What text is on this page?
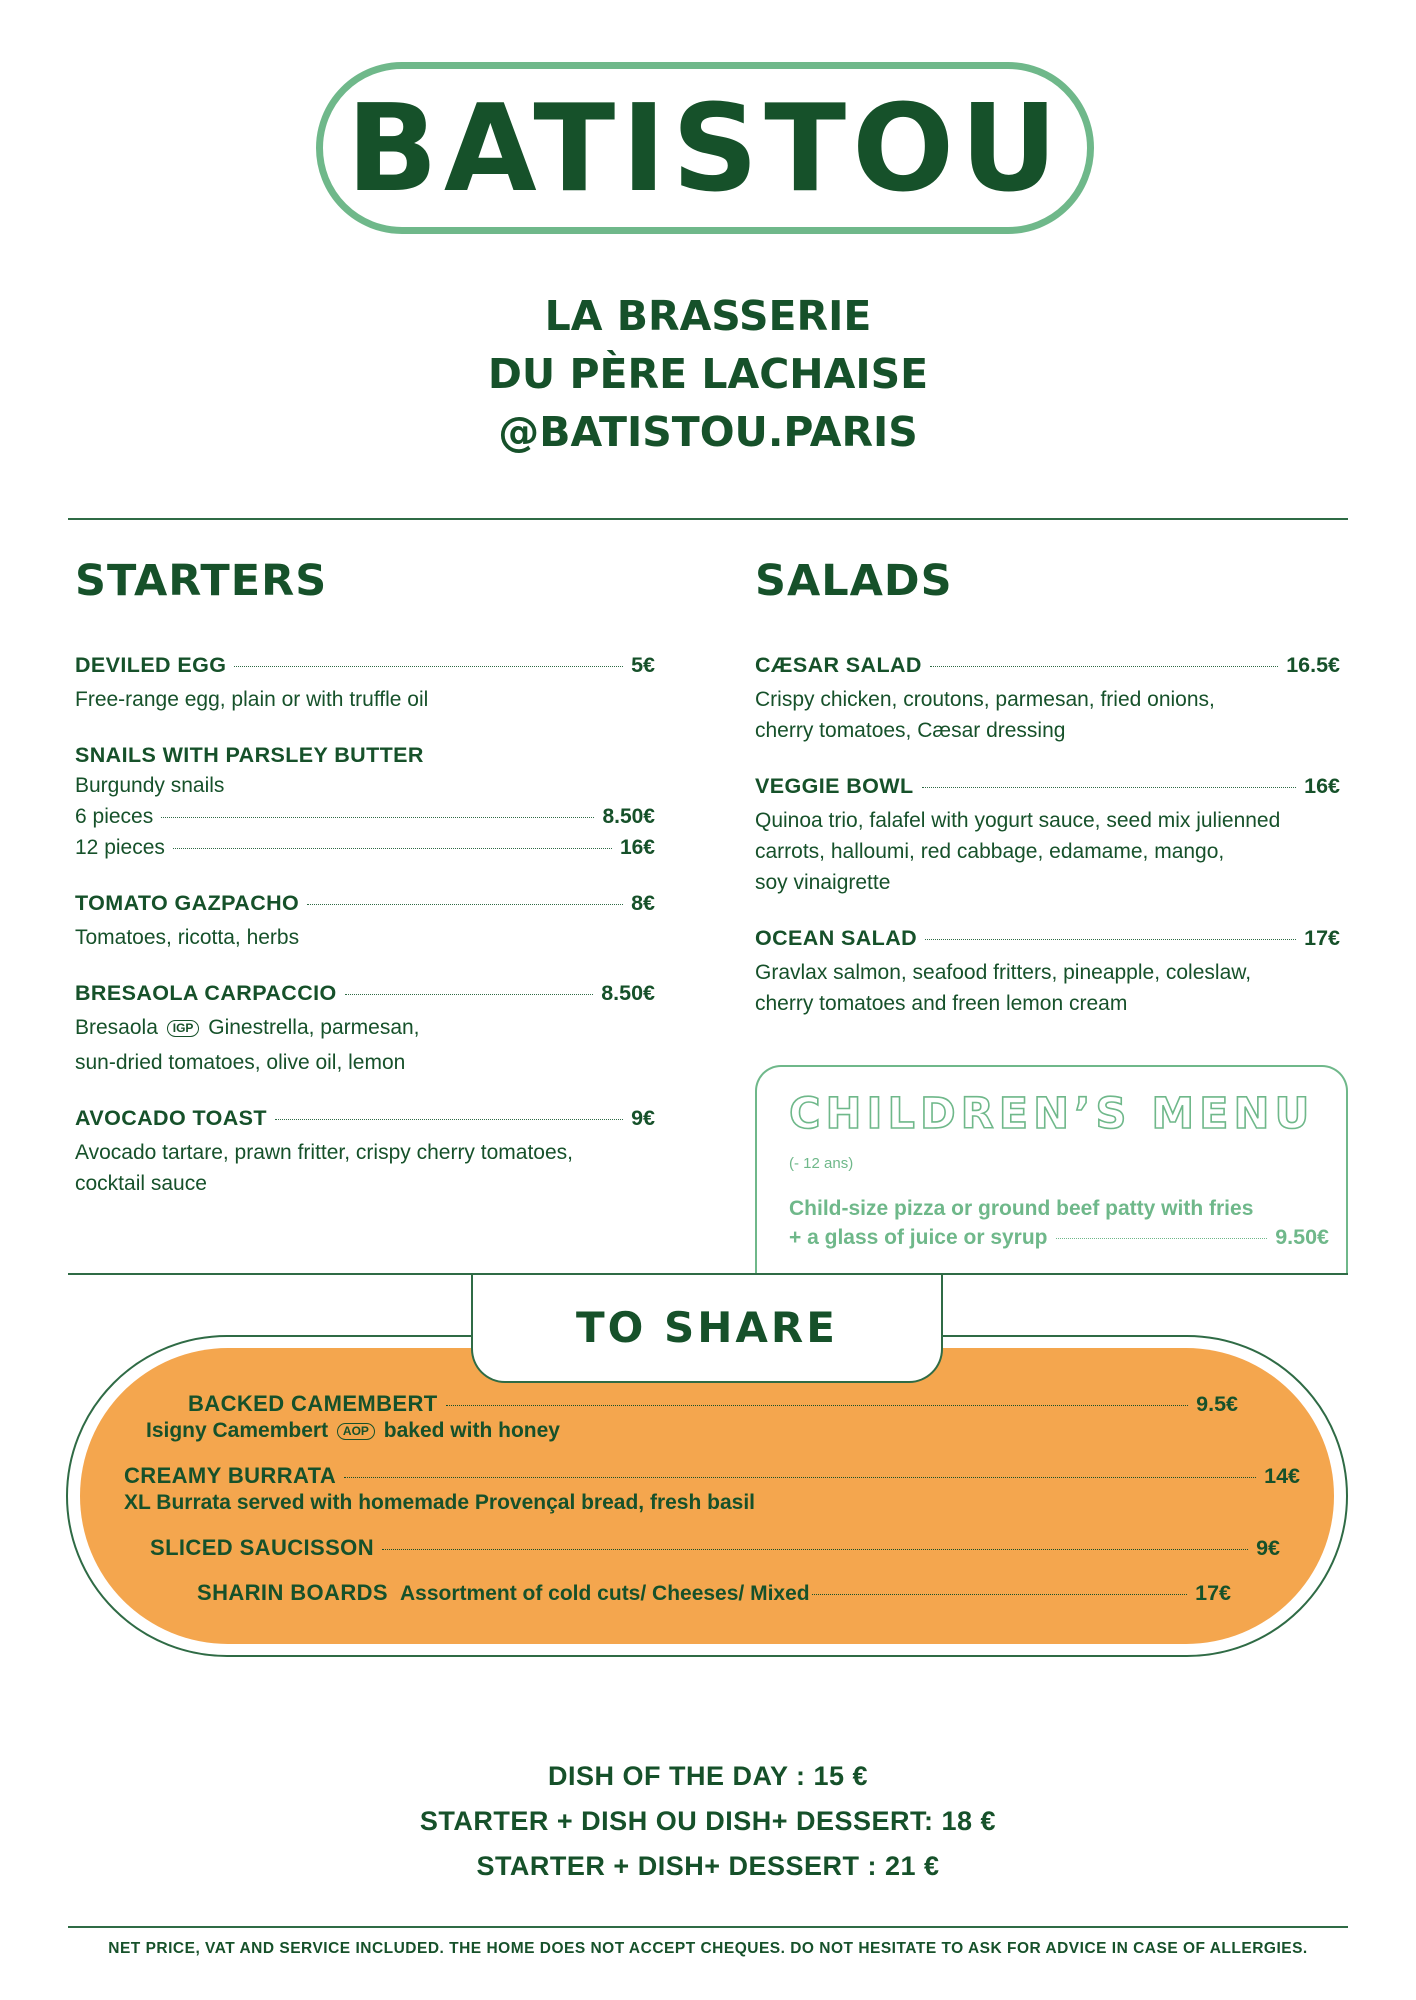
BATISTOU
LA BRASSERIE
DU PÈRE LACHAISE
@BATISTOU.PARIS
STARTERS
DEVILED EGG	5€
Free-range egg, plain or with truffle oil
SNAILS WITH PARSLEY BUTTER
Burgundy snails
6 pieces	8.50€
12 pieces	16€
TOMATO GAZPACHO	8€
Tomatoes, ricotta, herbs
BRESAOLA CARPACCIO	8.50€
Bresaola IGP Ginestrella, parmesan,
sun-dried tomatoes, olive oil, lemon
AVOCADO TOAST	9€
Avocado tartare, prawn fritter, crispy cherry tomatoes,
cocktail sauce
SALADS
CÆSAR SALAD	16.5€
Crispy chicken, croutons, parmesan, fried onions,
cherry tomatoes, Cæsar dressing
VEGGIE BOWL	16€
Quinoa trio, falafel with yogurt sauce, seed mix julienned
carrots, halloumi, red cabbage, edamame, mango,
soy vinaigrette
OCEAN SALAD	17€
Gravlax salmon, seafood fritters, pineapple, coleslaw,
cherry tomatoes and freen lemon cream
CHILDREN’S MENU
(- 12 ans)
Child-size pizza or ground beef patty with fries
+ a glass of juice or syrup	9.50€
TO SHARE
BACKED CAMEMBERT	9.5€
Isigny Camembert AOP baked with honey
CREAMY BURRATA	14€
XL Burrata served with homemade Provençal bread, fresh basil
SLICED SAUCISSON	9€
SHARIN BOARDS Assortment of cold cuts/ Cheeses/ Mixed	17€
DISH OF THE DAY : 15 €
STARTER + DISH OU DISH+ DESSERT: 18 €
STARTER + DISH+ DESSERT : 21 €
NET PRICE, VAT AND SERVICE INCLUDED. THE HOME DOES NOT ACCEPT CHEQUES. DO NOT HESITATE TO ASK FOR ADVICE IN CASE OF ALLERGIES.
